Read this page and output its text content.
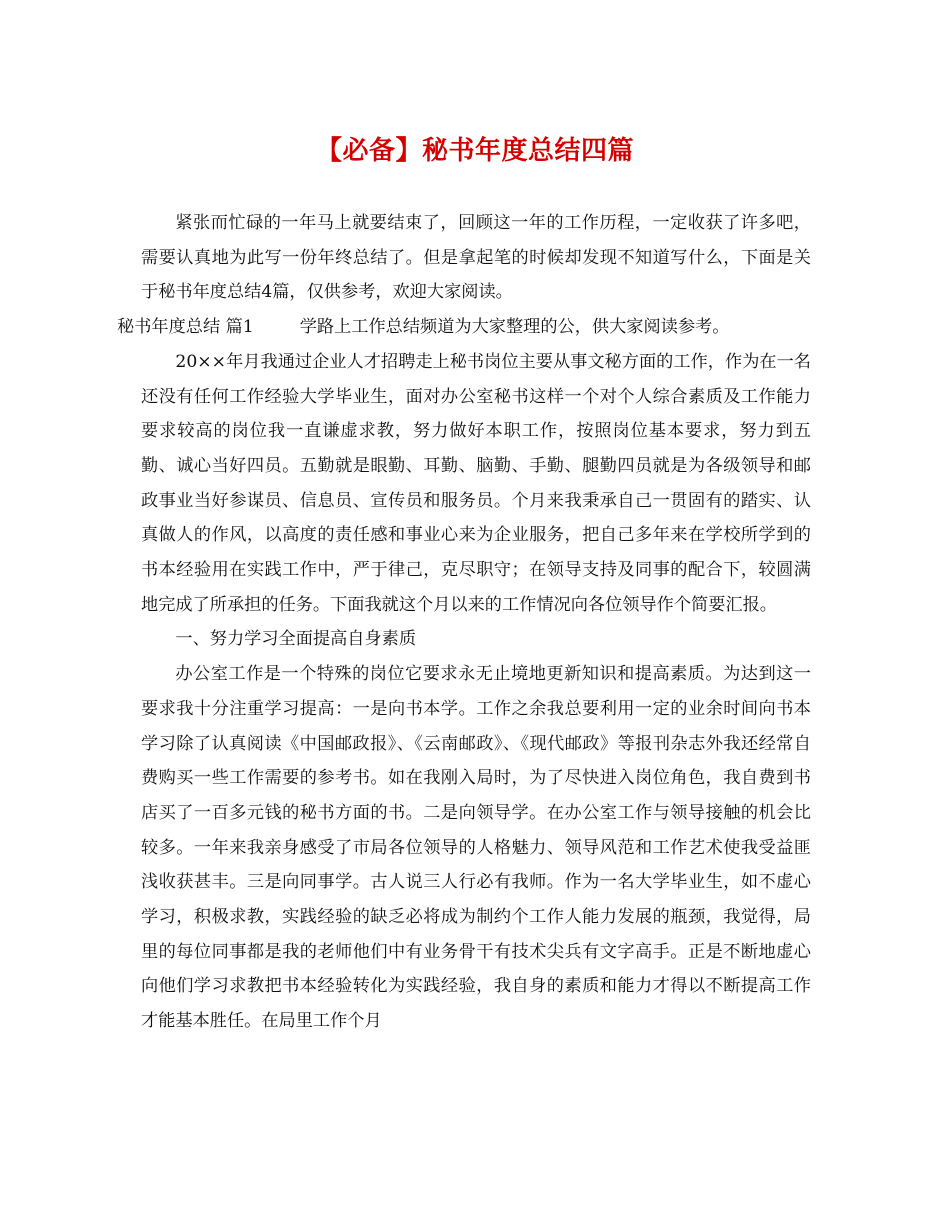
【必备】秘书年度总结四篇

紧张而忙碌的一年马上就要结束了，回顾这一年的工作历程，一定收获了许多吧，需要认真地为此写一份年终总结了。但是拿起笔的时候却发现不知道写什么，下面是关于秘书年度总结4篇，仅供参考，欢迎大家阅读。

秘书年度总结 篇1	学路上工作总结频道为大家整理的公，供大家阅读参考。

20××年月我通过企业人才招聘走上秘书岗位主要从事文秘方面的工作，作为在一名还没有任何工作经验大学毕业生，面对办公室秘书这样一个对个人综合素质及工作能力要求较高的岗位我一直谦虚求教，努力做好本职工作，按照岗位基本要求，努力到五勤、诚心当好四员。五勤就是眼勤、耳勤、脑勤、手勤、腿勤四员就是为各级领导和邮政事业当好参谋员、信息员、宣传员和服务员。个月来我秉承自己一贯固有的踏实、认真做人的作风，以高度的责任感和事业心来为企业服务，把自己多年来在学校所学到的书本经验用在实践工作中，严于律己，克尽职守；在领导支持及同事的配合下，较圆满地完成了所承担的任务。下面我就这个月以来的工作情况向各位领导作个简要汇报。

一、努力学习全面提高自身素质

办公室工作是一个特殊的岗位它要求永无止境地更新知识和提高素质。为达到这一要求我十分注重学习提高：一是向书本学。工作之余我总要利用一定的业余时间向书本学习除了认真阅读《中国邮政报》、《云南邮政》、《现代邮政》等报刊杂志外我还经常自费购买一些工作需要的参考书。如在我刚入局时，为了尽快进入岗位角色，我自费到书店买了一百多元钱的秘书方面的书。二是向领导学。在办公室工作与领导接触的机会比较多。一年来我亲身感受了市局各位领导的人格魅力、领导风范和工作艺术使我受益匪浅收获甚丰。三是向同事学。古人说三人行必有我师。作为一名大学毕业生，如不虚心学习，积极求教，实践经验的缺乏必将成为制约个工作人能力发展的瓶颈，我觉得，局里的每位同事都是我的老师他们中有业务骨干有技术尖兵有文字高手。正是不断地虚心向他们学习求教把书本经验转化为实践经验，我自身的素质和能力才得以不断提高工作才能基本胜任。在局里工作个月
